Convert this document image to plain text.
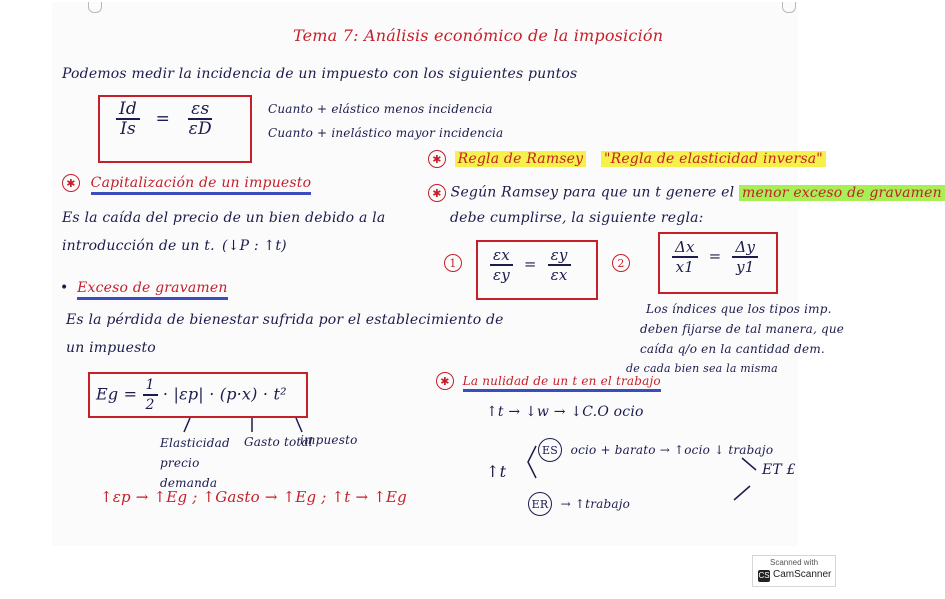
Tema 7: Análisis económico de la imposición
Podemos medir la incidencia de un impuesto con los siguientes puntos
$\frac{Id}{Is} = \frac{\varepsilon s}{\varepsilon D}$	Cuanto + elástico menos incidencia
Cuanto + inelástico mayor incidencia
✱ Capitalización de un impuesto
Es la caída del precio de un bien debido a la
introducción de un t. (↓P : ↑t)
• Exceso de gravamen
Es la pérdida de bienestar sufrida por el establecimiento de
un impuesto
$Eg = \frac{1}{2} \cdot |\varepsilon p| \cdot (p\cdot x) \cdot t^2$
Elasticidad precio demanda
Gasto total
impuesto
↑εp → ↑Eg ; ↑Gasto → ↑Eg ; ↑t → ↑Eg
✱ Regla de Ramsey "Regla de elasticidad inversa"
✱ Según Ramsey para que un t genere el menor exceso de gravamen
debe cumplirse, la siguiente regla:
1	$\frac{\varepsilon x}{\varepsilon y} = \frac{\varepsilon y}{\varepsilon x}$	2	$\frac{\Delta x}{x1} = \frac{\Delta y}{y1}$
Los índices que los tipos imp.
deben fijarse de tal manera, que
caída q/o en la cantidad dem.
de cada bien sea la misma
✱ La nulidad de un t en el trabajo
↑t → ↓w → ↓C.O ocio
ES ocio + barato → ↑ocio ↓ trabajo
↑t
ER → ↑trabajo
ET £
Scanned with
CS CamScanner
